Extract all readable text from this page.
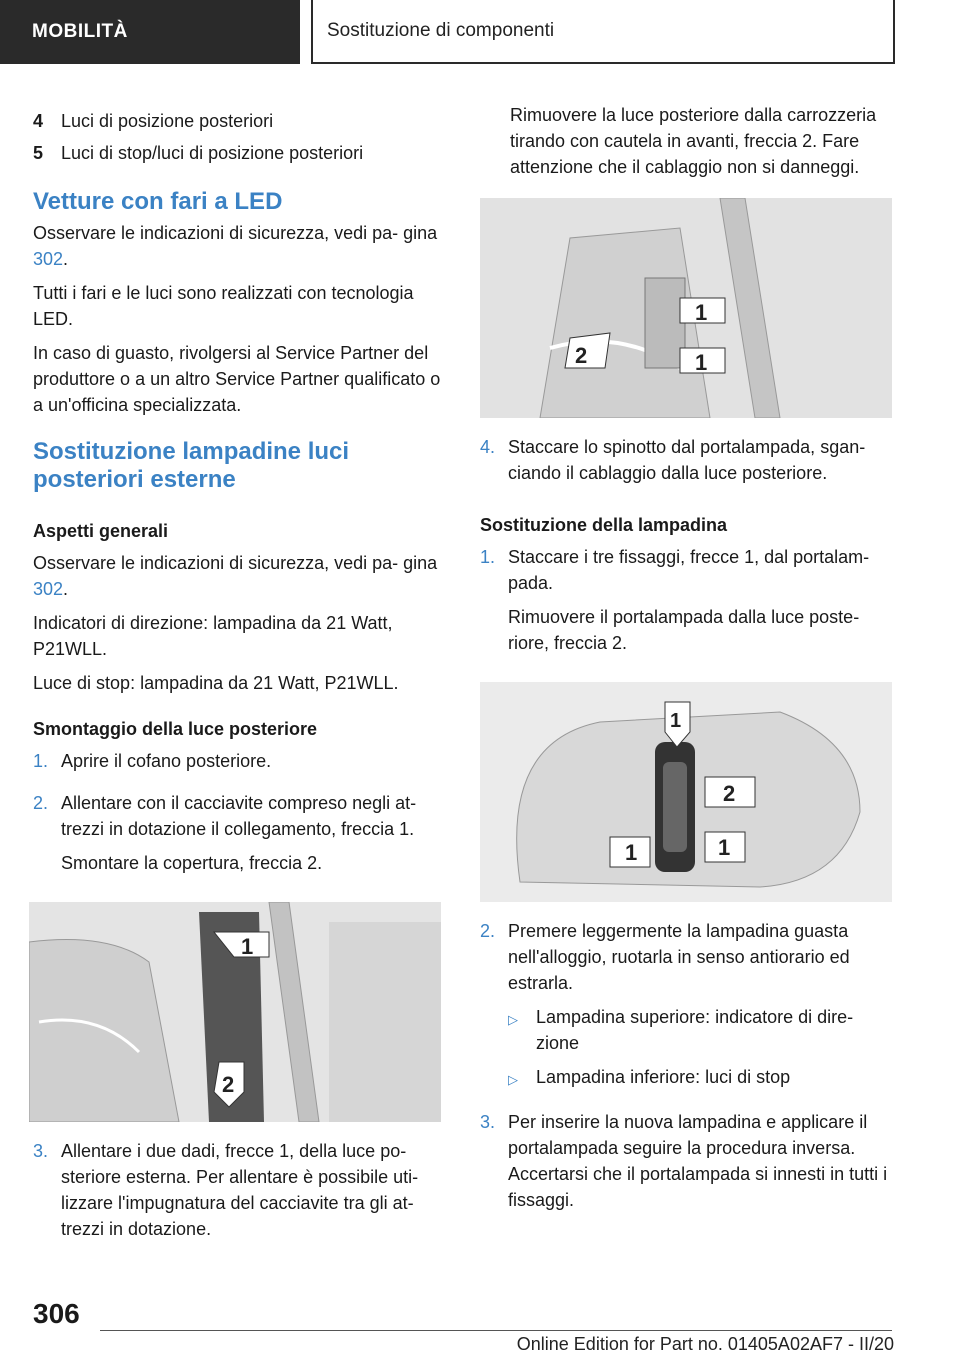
MOBILITÀ	Sostituzione di componenti
4 Luci di posizione posteriori
5 Luci di stop/luci di posizione posteriori
Vetture con fari a LED

Osservare le indicazioni di sicurezza, vedi pa‐ gina 302.

Tutti i fari e le luci sono realizzati con tecnologia LED.

In caso di guasto, rivolgersi al Service Partner del produttore o a un altro Service Partner qualificato o a un'officina specializzata.

Sostituzione lampadine luci posteriori esterne
Aspetti generali

Osservare le indicazioni di sicurezza, vedi pa‐ gina 302.

Indicatori di direzione: lampadina da 21 Watt, P21WLL.

Luce di stop: lampadina da 21 Watt, P21WLL.

Smontaggio della luce posteriore
1. Aprire il cofano posteriore.

2. Allentare con il cacciavite compreso negli at‐ trezzi in dotazione il collegamento, freccia 1.

Smontare la copertura, freccia 2.

1
2
3. Allentare i due dadi, frecce 1, della luce po‐ steriore esterna. Per allentare è possibile uti‐ lizzare l'impugnatura del cacciavite tra gli at‐ trezzi in dotazione.

Rimuovere la luce posteriore dalla carrozzeria tirando con cautela in avanti, freccia 2. Fare attenzione che il cablaggio non si danneggi.

2
1
1
4. Staccare lo spinotto dal portalampada, sgan‐ ciando il cablaggio dalla luce posteriore.

Sostituzione della lampadina
1. Staccare i tre fissaggi, frecce 1, dal portalam‐ pada.

Rimuovere il portalampada dalla luce poste‐ riore, freccia 2.

1
2
1	1
2. Premere leggermente la lampadina guasta nell'alloggio, ruotarla in senso antiorario ed estrarla.

▷	Lampadina superiore: indicatore di dire‐ zione
▷	Lampadina inferiore: luci di stop
3. Per inserire la nuova lampadina e applicare il portalampada seguire la procedura inversa. Accertarsi che il portalampada si innesti in tutti i fissaggi.

306
Online Edition for Part no. 01405A02AF7 - II/20
